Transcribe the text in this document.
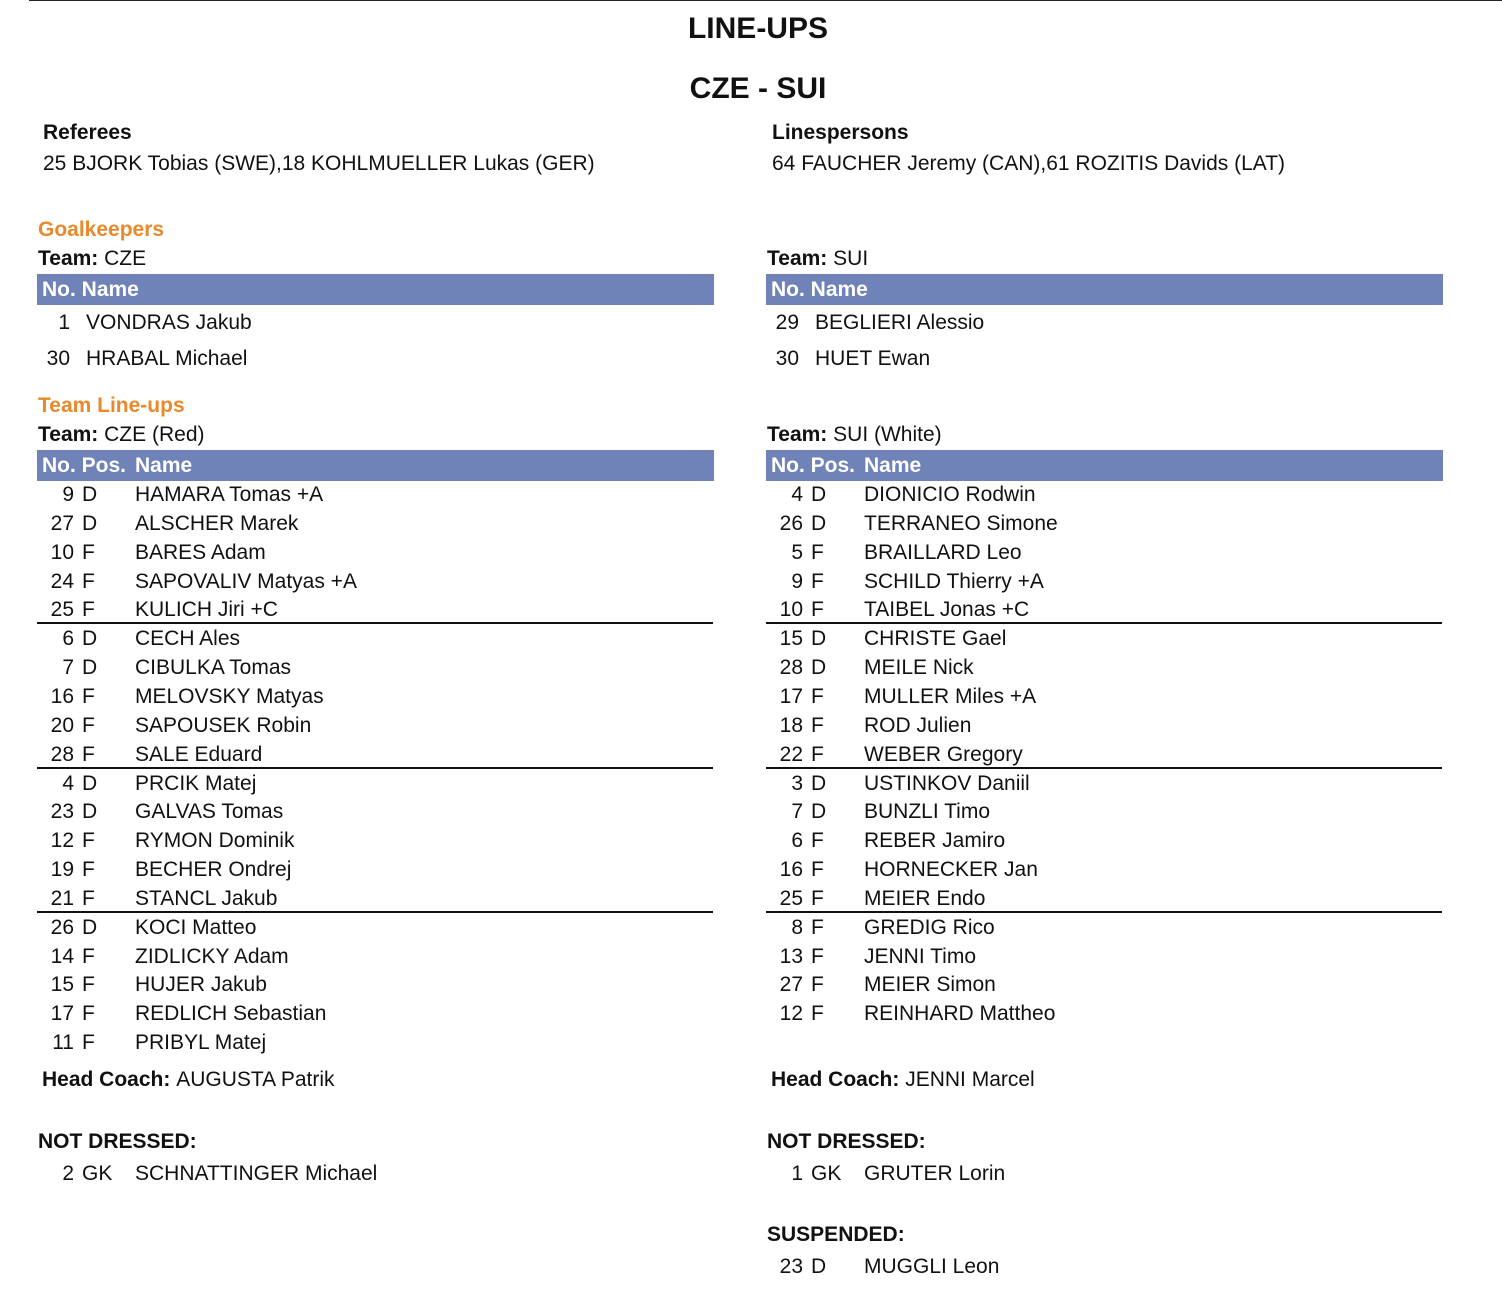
LINE-UPS
CZE - SUI
Referees
25 BJORK Tobias (SWE),18 KOHLMUELLER Lukas (GER)
Linespersons
64 FAUCHER Jeremy (CAN),61 ROZITIS Davids (LAT)
Goalkeepers
Team: CZE	Team: SUI
No. Name	No. Name
1 VONDRAS Jakub
30 HRABAL Michael
29 BEGLIERI Alessio
30 HUET Ewan
Team Line-ups
Team: CZE (Red)	Team: SUI (White)
No. Pos. Name	No. Pos. Name
9 D HAMARA Tomas +A
27 D ALSCHER Marek
10 F BARES Adam
24 F SAPOVALIV Matyas +A
25 F KULICH Jiri +C
6 D CECH Ales
7 D CIBULKA Tomas
16 F MELOVSKY Matyas
20 F SAPOUSEK Robin
28 F SALE Eduard
4 D PRCIK Matej
23 D GALVAS Tomas
12 F RYMON Dominik
19 F BECHER Ondrej
21 F STANCL Jakub
26 D KOCI Matteo
14 F ZIDLICKY Adam
15 F HUJER Jakub
17 F REDLICH Sebastian
11 F PRIBYL Matej
4 D DIONICIO Rodwin
26 D TERRANEO Simone
5 F BRAILLARD Leo
9 F SCHILD Thierry +A
10 F TAIBEL Jonas +C
15 D CHRISTE Gael
28 D MEILE Nick
17 F MULLER Miles +A
18 F ROD Julien
22 F WEBER Gregory
3 D USTINKOV Daniil
7 D BUNZLI Timo
6 F REBER Jamiro
16 F HORNECKER Jan
25 F MEIER Endo
8 F GREDIG Rico
13 F JENNI Timo
27 F MEIER Simon
12 F REINHARD Mattheo
Head Coach: AUGUSTA Patrik	Head Coach: JENNI Marcel
NOT DRESSED:	NOT DRESSED:
2 GK SCHNATTINGER Michael	1 GK GRUTER Lorin
SUSPENDED:
23 D MUGGLI Leon
